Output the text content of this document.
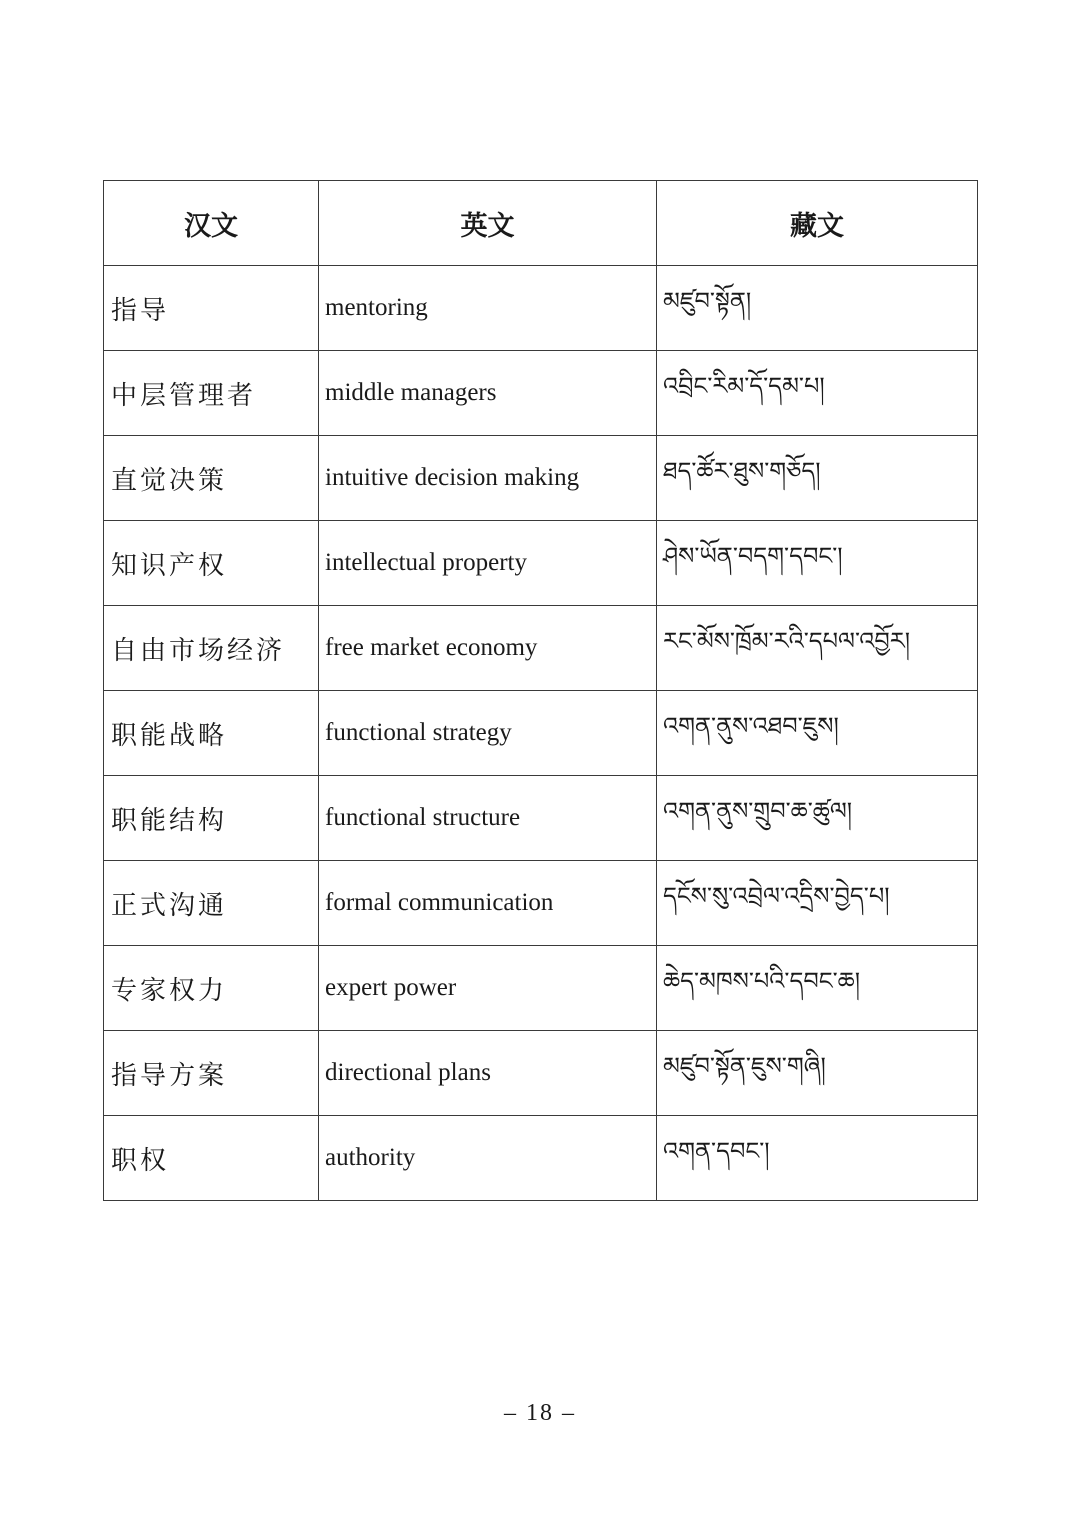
汉文	英文	藏文
指导	mentoring	མཛུབ་སྟོན།
中层管理者	middle managers	འབྲིང་རིམ་དོ་དམ་པ།
直觉决策	intuitive decision making	ཐད་ཚོར་ཐུས་གཅོད།
知识产权	intellectual property	ཤེས་ཡོན་བདག་དབང་།
自由市场经济	free market economy	རང་མོས་ཁྲོམ་རའི་དཔལ་འབྱོར།
职能战略	functional strategy	འགན་ནུས་འཐབ་ཇུས།
职能结构	functional structure	འགན་ནུས་གྲུབ་ཆ་ཚུལ།
正式沟通	formal communication	དངོས་སུ་འབྲེལ་འདྲིས་བྱེད་པ།
专家权力	expert power	ཆེད་མཁས་པའི་དབང་ཆ།
指导方案	directional plans	མཛུབ་སྟོན་ཇུས་གཞི།
职权	authority	འགན་དབང་།
– 18 –
